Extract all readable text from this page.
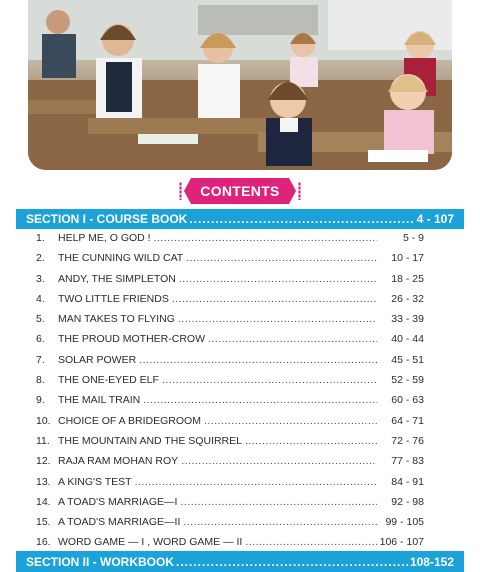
CONTENTS
SECTION I - COURSE BOOK .....	4 - 107
1.	HELP ME, O GOD ! .....	5 - 9
2.	THE CUNNING WILD CAT .....	10 - 17
3.	ANDY, THE SIMPLETON .....	18 - 25
4.	TWO LITTLE FRIENDS .....	26 - 32
5.	MAN TAKES TO FLYING .....	33 - 39
6.	THE PROUD MOTHER-CROW .....	40 - 44
7.	SOLAR POWER .....	45 - 51
8.	THE ONE-EYED ELF .....	52 - 59
9.	THE MAIL TRAIN .....	60 - 63
10. CHOICE OF A BRIDEGROOM .....	64 - 71
11. THE MOUNTAIN AND THE SQUIRREL .....	72 - 76
12. RAJA RAM MOHAN ROY .....	77 - 83
13. A KING'S TEST .....	84 - 91
14. A TOAD'S MARRIAGE—I .....	92 - 98
15. A TOAD'S MARRIAGE—II .....	99 - 105
16. WORD GAME — I , WORD GAME — II .....	106 - 107
SECTION II - WORKBOOK .....	108-152
